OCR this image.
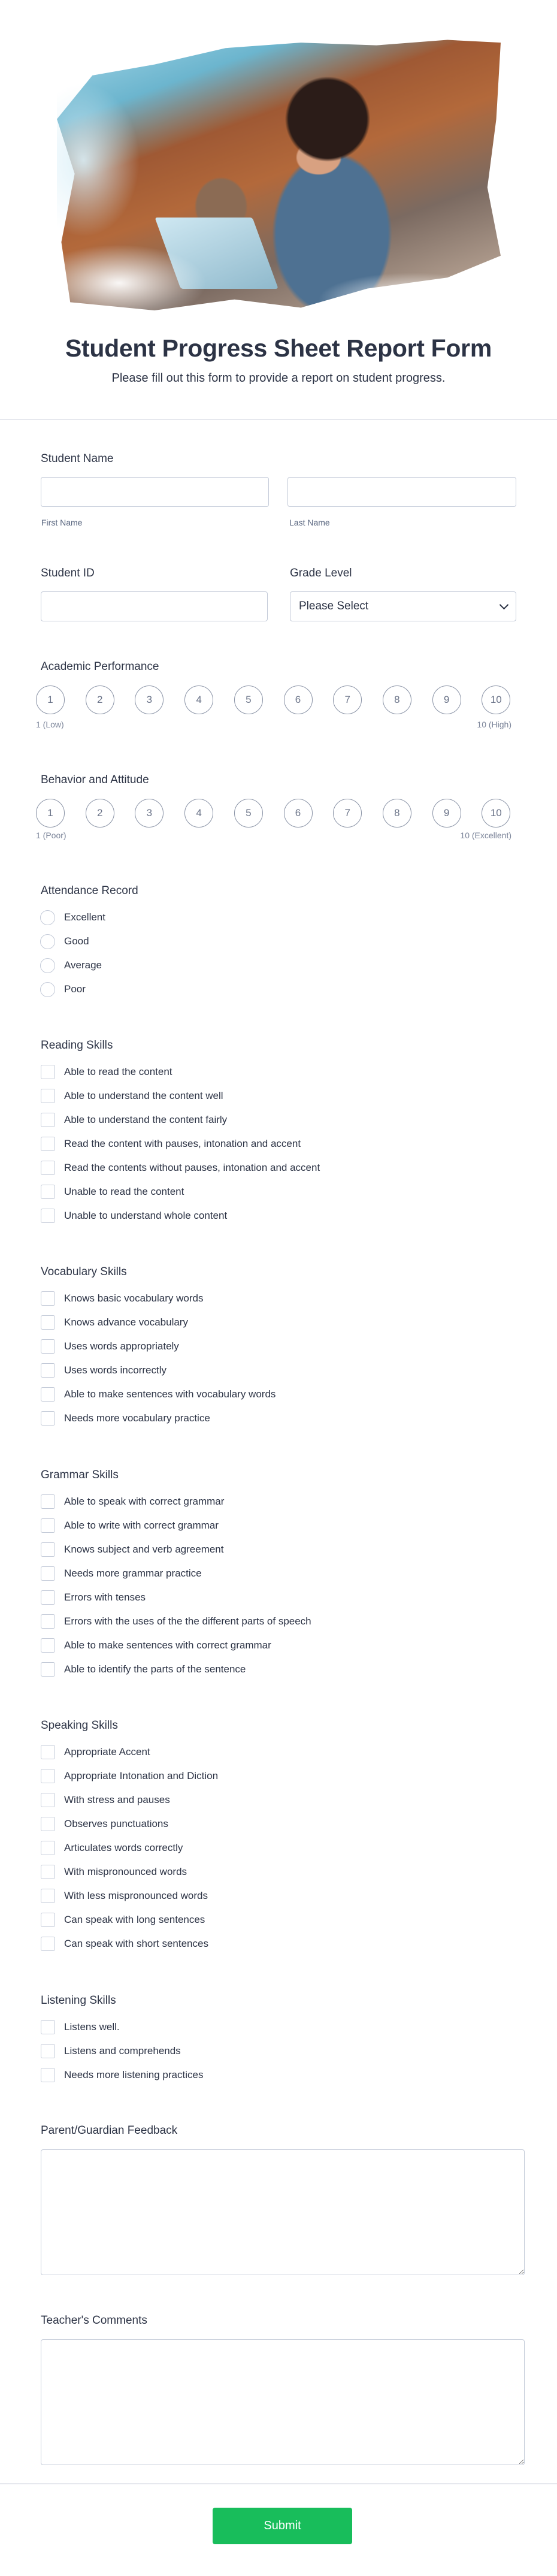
Student Progress Sheet Report Form
Please fill out this form to provide a report on student progress.
Student Name
First Name	Last Name
Student ID	Grade Level
Please Select
Academic Performance
1	2	3	4	5	6	7	8	9	10
1 (Low)	10 (High)
Behavior and Attitude
1	2	3	4	5	6	7	8	9	10
1 (Poor)	10 (Excellent)
Attendance Record
Excellent
Good
Average
Poor
Reading Skills
Able to read the content
Able to understand the content well
Able to understand the content fairly
Read the content with pauses, intonation and accent
Read the contents without pauses, intonation and accent
Unable to read the content
Unable to understand whole content
Vocabulary Skills
Knows basic vocabulary words
Knows advance vocabulary
Uses words appropriately
Uses words incorrectly
Able to make sentences with vocabulary words
Needs more vocabulary practice
Grammar Skills
Able to speak with correct grammar
Able to write with correct grammar
Knows subject and verb agreement
Needs more grammar practice
Errors with tenses
Errors with the uses of the the different parts of speech
Able to make sentences with correct grammar
Able to identify the parts of the sentence
Speaking Skills
Appropriate Accent
Appropriate Intonation and Diction
With stress and pauses
Observes punctuations
Articulates words correctly
With mispronounced words
With less mispronounced words
Can speak with long sentences
Can speak with short sentences
Listening Skills
Listens well.
Listens and comprehends
Needs more listening practices
Parent/Guardian Feedback
Teacher's Comments
Submit
